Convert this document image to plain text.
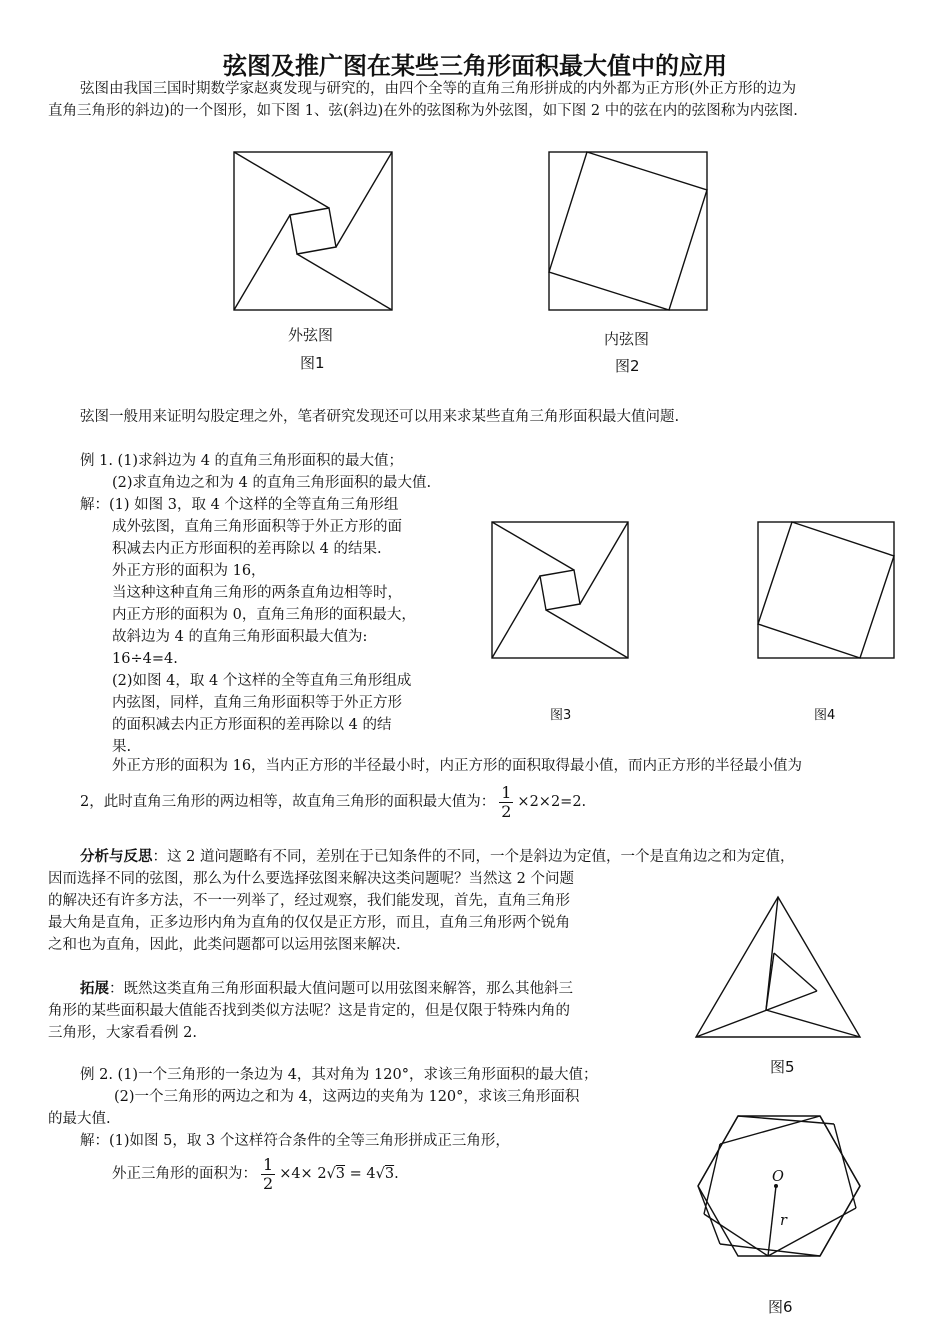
弦图及推广图在某些三角形面积最大值中的应用
弦图由我国三国时期数学家赵爽发现与研究的，由四个全等的直角三角形拼成的内外都为正方形(外正方形的边为
直角三角形的斜边)的一个图形，如下图 1、弦(斜边)在外的弦图称为外弦图，如下图 2 中的弦在内的弦图称为内弦图.
外弦图
图1
内弦图
图2
弦图一般用来证明勾股定理之外，笔者研究发现还可以用来求某些直角三角形面积最大值问题.
例 1. (1)求斜边为 4 的直角三角形面积的最大值；
(2)求直角边之和为 4 的直角三角形面积的最大值.
解：(1) 如图 3，取 4 个这样的全等直角三角形组
成外弦图，直角三角形面积等于外正方形的面
积减去内正方形面积的差再除以 4 的结果.
外正方形的面积为 16，
当这种这种直角三角形的两条直角边相等时，
内正方形的面积为 0，直角三角形的面积最大，
故斜边为 4 的直角三角形面积最大值为:
16÷4=4.
(2)如图 4，取 4 个这样的全等直角三角形组成
内弦图，同样，直角三角形面积等于外正方形
的面积减去内正方形面积的差再除以 4 的结
果.
外正方形的面积为 16，当内正方形的半径最小时，内正方形的面积取得最小值，而内正方形的半径最小值为
2，此时直角三角形的两边相等，故直角三角形的面积最大值为： $\frac{1}{2} \times 2\times 2=2$.
图3	图4
分析与反思：这 2 道问题略有不同，差别在于已知条件的不同，一个是斜边为定值，一个是直角边之和为定值，
因而选择不同的弦图，那么为什么要选择弦图来解决这类问题呢？当然这 2 个问题
的解决还有许多方法，不一一列举了，经过观察，我们能发现，首先，直角三角形
最大角是直角，正多边形内角为直角的仅仅是正方形，而且，直角三角形两个锐角
之和也为直角，因此，此类问题都可以运用弦图来解决.
图5
拓展：既然这类直角三角形面积最大值问题可以用弦图来解答，那么其他斜三
角形的某些面积最大值能否找到类似方法呢？这是肯定的，但是仅限于特殊内角的
三角形，大家看看例 2.
例 2. (1)一个三角形的一条边为 4，其对角为 120°，求该三角形面积的最大值；
(2)一个三角形的两边之和为 4，这两边的夹角为 120°，求该三角形面积
的最大值.
解：(1)如图 5，取 3 个这样符合条件的全等三角形拼成正三角形，
外正三角形的面积为： $\frac{1}{2} \times 4\times 2√3 = 4√3$.	O
r
图6
